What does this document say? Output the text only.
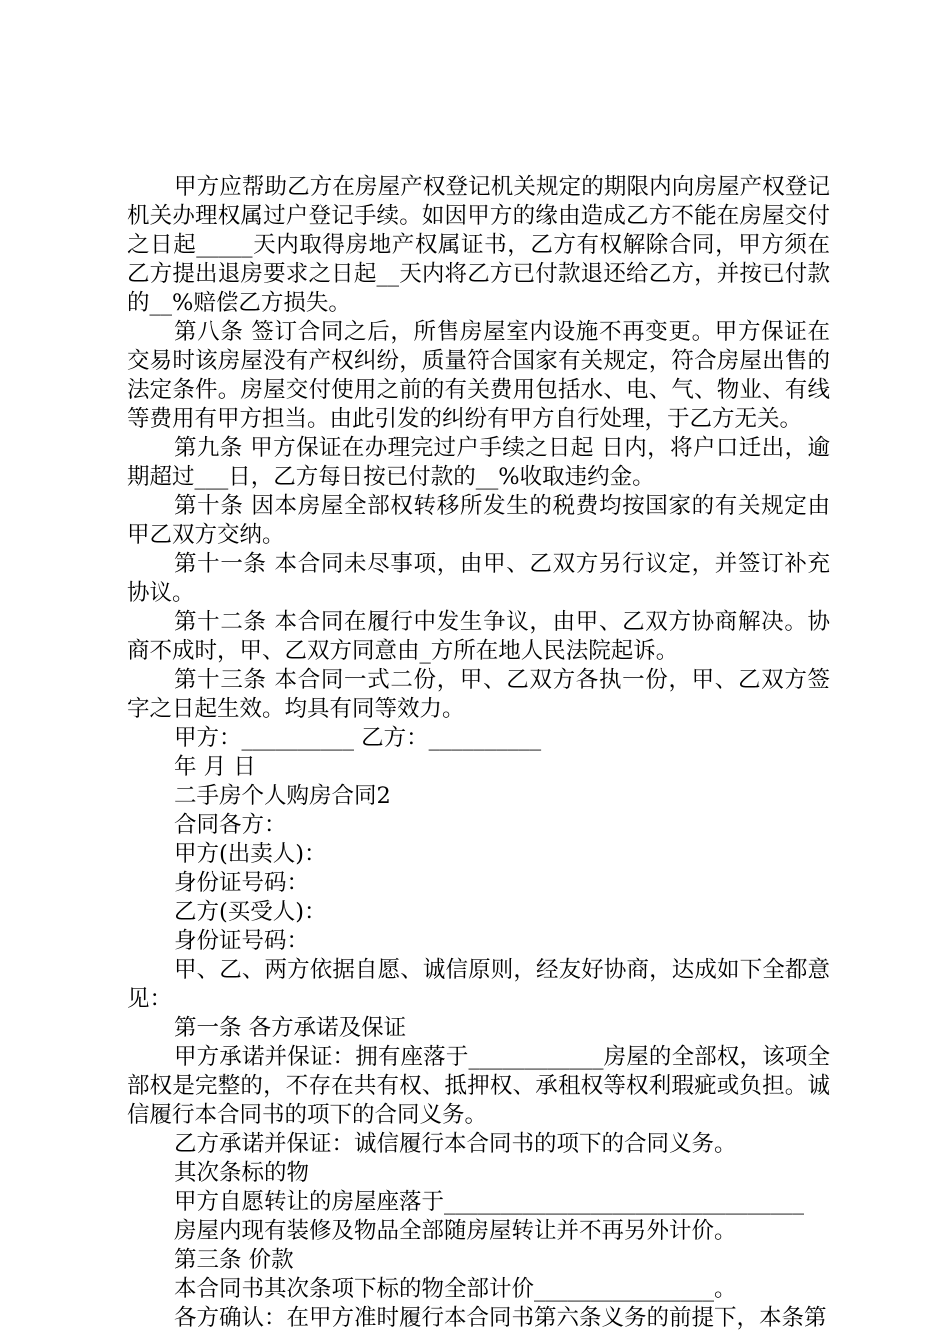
甲方应帮助乙方在房屋产权登记机关规定的期限内向房屋产权登记机关办理权属过户登记手续。如因甲方的缘由造成乙方不能在房屋交付之日起_____天内取得房地产权属证书，乙方有权解除合同，甲方须在乙方提出退房要求之日起__天内将乙方已付款退还给乙方，并按已付款的__%赔偿乙方损失。

第八条 签订合同之后，所售房屋室内设施不再变更。甲方保证在交易时该房屋没有产权纠纷，质量符合国家有关规定，符合房屋出售的法定条件。房屋交付使用之前的有关费用包括水、电、气、物业、有线等费用有甲方担当。由此引发的纠纷有甲方自行处理，于乙方无关。

第九条 甲方保证在办理完过户手续之日起 日内，将户口迁出，逾期超过___日，乙方每日按已付款的__%收取违约金。

第十条 因本房屋全部权转移所发生的税费均按国家的有关规定由甲乙双方交纳。

第十一条 本合同未尽事项，由甲、乙双方另行议定，并签订补充协议。

第十二条 本合同在履行中发生争议，由甲、乙双方协商解决。协商不成时，甲、乙双方同意由_方所在地人民法院起诉。

第十三条 本合同一式二份，甲、乙双方各执一份，甲、乙双方签字之日起生效。均具有同等效力。

甲方：__________ 乙方：__________

年 月 日

二手房个人购房合同2

合同各方：

甲方(出卖人)：

身份证号码：

乙方(买受人)：

身份证号码：

甲、乙、两方依据自愿、诚信原则，经友好协商，达成如下全都意见：

第一条 各方承诺及保证

甲方承诺并保证：拥有座落于____________房屋的全部权，该项全部权是完整的，不存在共有权、抵押权、承租权等权利瑕疵或负担。诚信履行本合同书的项下的合同义务。

乙方承诺并保证：诚信履行本合同书的项下的合同义务。

其次条标的物

甲方自愿转让的房屋座落于________________________________

房屋内现有装修及物品全部随房屋转让并不再另外计价。

第三条 价款

本合同书其次条项下标的物全部计价________________。

各方确认：在甲方准时履行本合同书第六条义务的前提下，本条第
